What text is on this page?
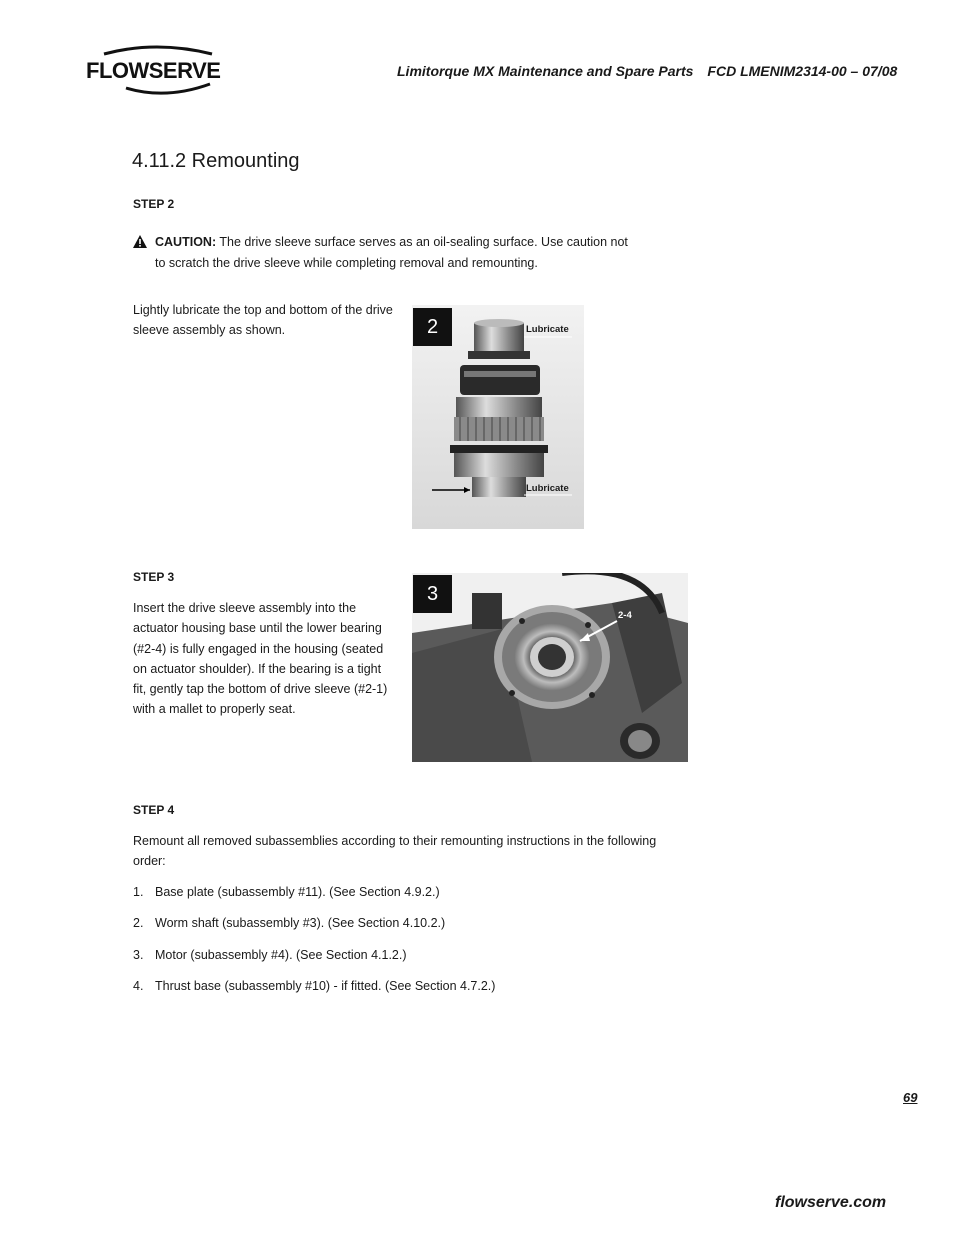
FLOWSERVE	Limitorque MX Maintenance and Spare Parts FCD LMENIM2314-00 – 07/08
4.11.2 Remounting
STEP 2
CAUTION: The drive sleeve surface serves as an oil-sealing surface. Use caution not to scratch the drive sleeve while completing removal and remounting.
Lightly lubricate the top and bottom of the drive sleeve assembly as shown.	2	Lubricate
Lubricate
STEP 3
Insert the drive sleeve assembly into the actuator housing base until the lower bearing (#2-4) is fully engaged in the housing (seated on actuator shoulder). If the bearing is a tight fit, gently tap the bottom of drive sleeve (#2-1) with a mallet to properly seat.
3
2-4
STEP 4
Remount all removed subassemblies according to their remounting instructions in the following order:
1. Base plate (subassembly #11). (See Section 4.9.2.)
2. Worm shaft (subassembly #3). (See Section 4.10.2.)
3. Motor (subassembly #4). (See Section 4.1.2.)
4. Thrust base (subassembly #10) - if fitted. (See Section 4.7.2.)
69
flowserve.com
